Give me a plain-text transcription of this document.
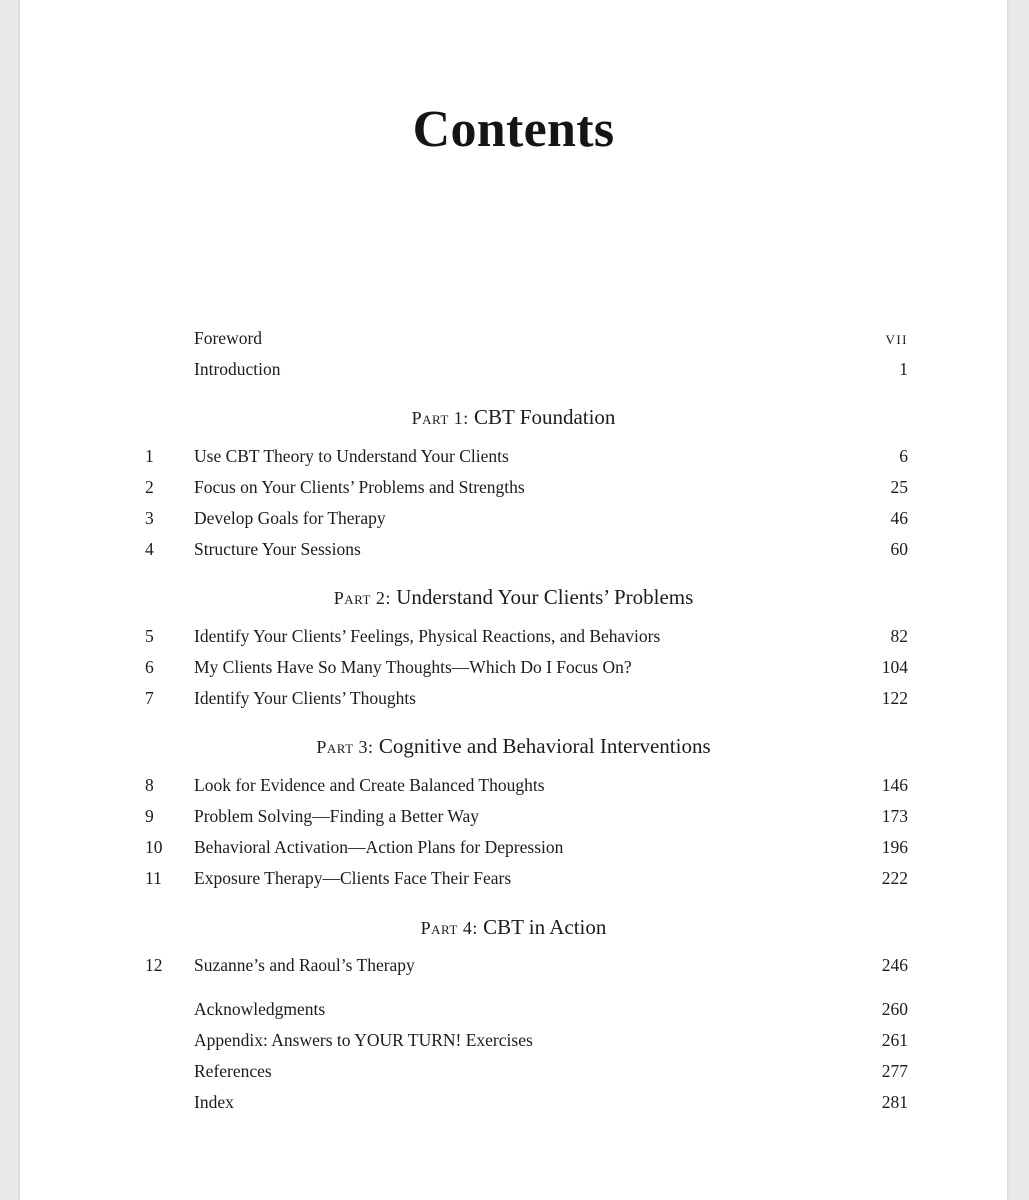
Contents
Foreword	vii
Introduction	1
Part 1: CBT Foundation
1	Use CBT Theory to Understand Your Clients	6
2	Focus on Your Clients’ Problems and Strengths	25
3	Develop Goals for Therapy	46
4	Structure Your Sessions	60
Part 2: Understand Your Clients’ Problems
5	Identify Your Clients’ Feelings, Physical Reactions, and Behaviors	82
6	My Clients Have So Many Thoughts—Which Do I Focus On?	104
7	Identify Your Clients’ Thoughts	122
Part 3: Cognitive and Behavioral Interventions
8	Look for Evidence and Create Balanced Thoughts	146
9	Problem Solving—Finding a Better Way	173
10	Behavioral Activation—Action Plans for Depression	196
11	Exposure Therapy—Clients Face Their Fears	222
Part 4: CBT in Action
12	Suzanne’s and Raoul’s Therapy	246
Acknowledgments	260
Appendix: Answers to YOUR TURN! Exercises	261
References	277
Index	281
